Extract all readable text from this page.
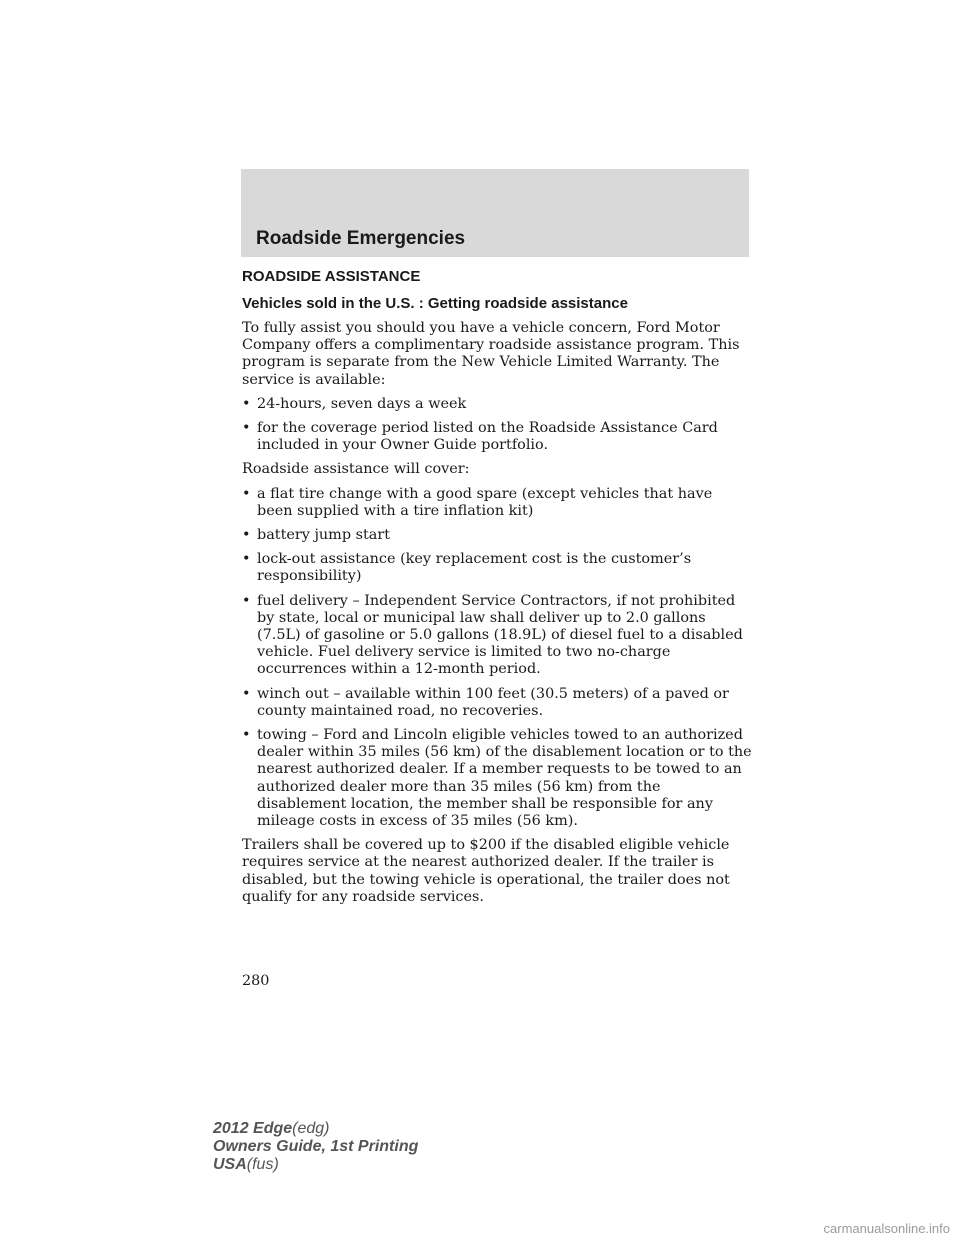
Roadside Emergencies
ROADSIDE ASSISTANCE
Vehicles sold in the U.S. : Getting roadside assistance

To fully assist you should you have a vehicle concern, Ford Motor Company offers a complimentary roadside assistance program. This program is separate from the New Vehicle Limited Warranty. The service is available:

• 24-hours, seven days a week
• for the coverage period listed on the Roadside Assistance Card included in your Owner Guide portfolio.

Roadside assistance will cover:

• a flat tire change with a good spare (except vehicles that have been supplied with a tire inflation kit)
• battery jump start
• lock-out assistance (key replacement cost is the customer’s responsibility)
• fuel delivery – Independent Service Contractors, if not prohibited by state, local or municipal law shall deliver up to 2.0 gallons (7.5L) of gasoline or 5.0 gallons (18.9L) of diesel fuel to a disabled vehicle. Fuel delivery service is limited to two no-charge occurrences within a 12-month period.
• winch out – available within 100 feet (30.5 meters) of a paved or county maintained road, no recoveries.
• towing – Ford and Lincoln eligible vehicles towed to an authorized dealer within 35 miles (56 km) of the disablement location or to the nearest authorized dealer. If a member requests to be towed to an authorized dealer more than 35 miles (56 km) from the disablement location, the member shall be responsible for any mileage costs in excess of 35 miles (56 km).

Trailers shall be covered up to $200 if the disabled eligible vehicle requires service at the nearest authorized dealer. If the trailer is disabled, but the towing vehicle is operational, the trailer does not qualify for any roadside services.

280
2012 Edge(edg)
Owners Guide, 1st Printing
USA(fus)
carmanualsonline.info
